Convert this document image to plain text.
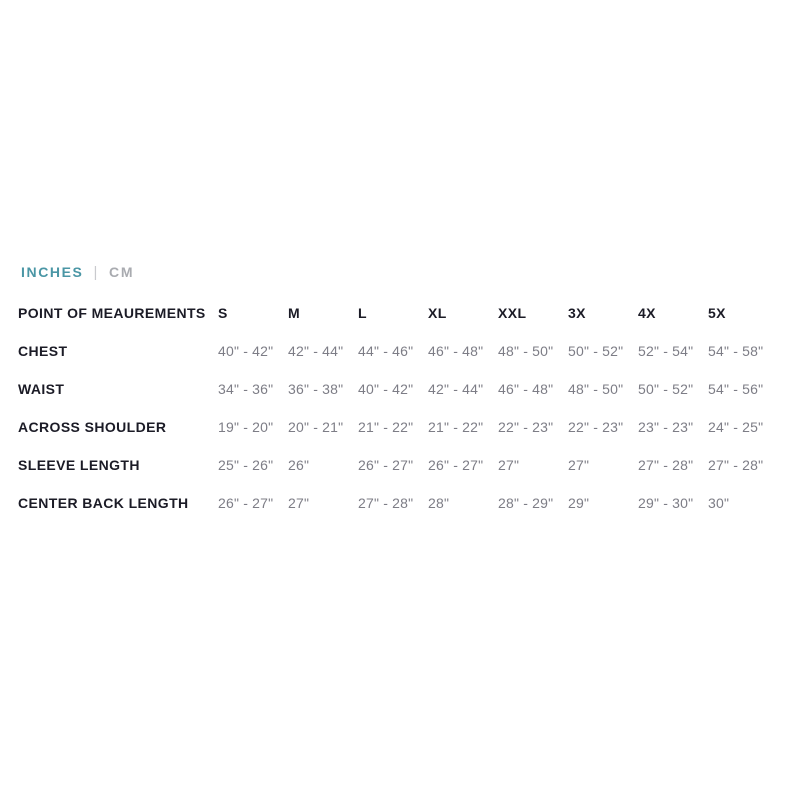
INCHES | CM
POINT OF MEAUREMENTS S	M	L	XL	XXL	3X	4X	5X
CHEST	40" - 42"	42" - 44"	44" - 46"	46" - 48"	48" - 50"	50" - 52"	52" - 54"	54" - 58"
WAIST	34" - 36"	36" - 38"	40" - 42"	42" - 44"	46" - 48"	48" - 50"	50" - 52"	54" - 56"
ACROSS SHOULDER	19" - 20"	20" - 21"	21" - 22"	21" - 22"	22" - 23"	22" - 23"	23" - 23"	24" - 25"
SLEEVE LENGTH	25" - 26"	26"	26" - 27"	26" - 27"	27"	27"	27" - 28"	27" - 28"
CENTER BACK LENGTH	26" - 27"	27"	27" - 28"	28"	28" - 29"	29"	29" - 30"	30"
